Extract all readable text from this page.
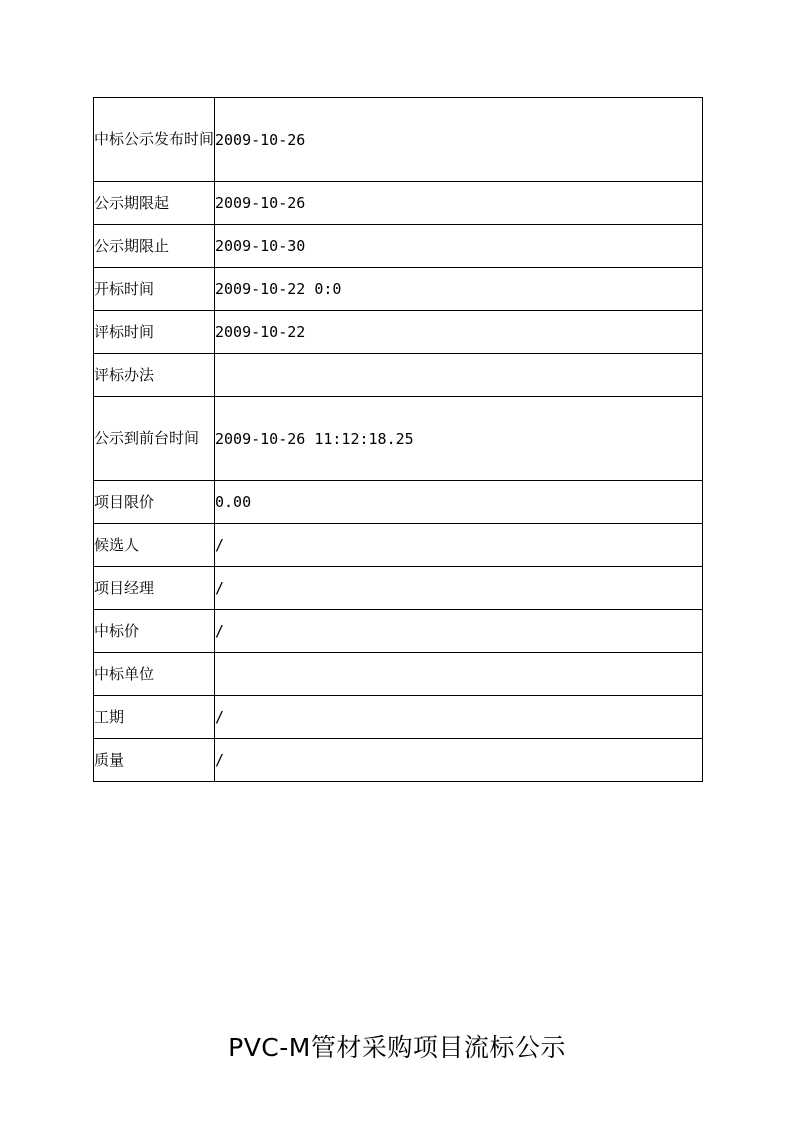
中标公示发布时间	2009-10-26
公示期限起	2009-10-26
公示期限止	2009-10-30
开标时间	2009-10-22 0:0
评标时间	2009-10-22
评标办法	
公示到前台时间	2009-10-26 11:12:18.25
项目限价	0.00
候选人	/
项目经理	/
中标价	/
中标单位	
工期	/
质量	/
PVC-M管材采购项目流标公示
